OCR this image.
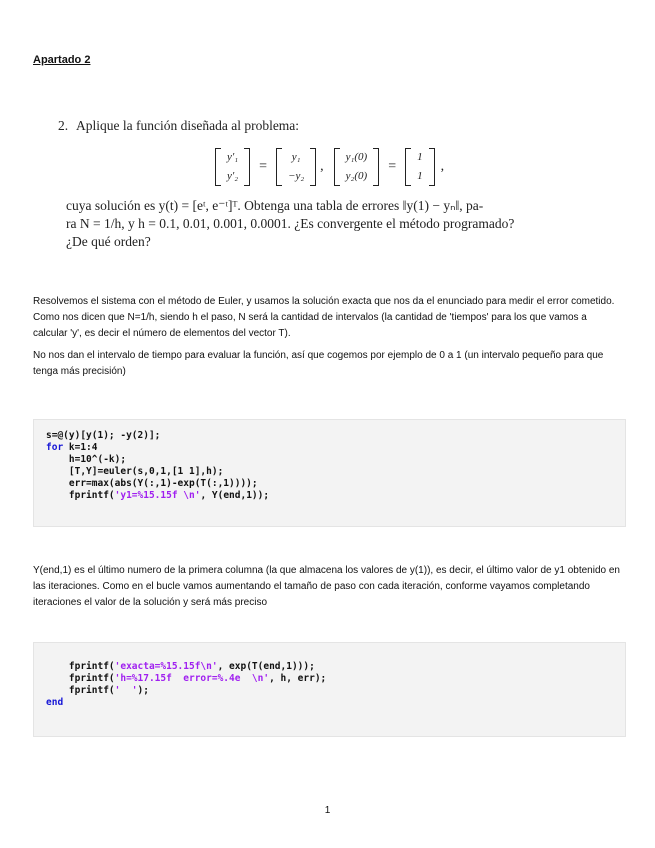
Apartado 2
2. Aplique la función diseñada al problema:
y′₁
y′₂
=
y₁
−y₂
,
y₁(0)
y₂(0)
=
1
1
,
cuya solución es y(t) = [eᵗ, e⁻ᵗ]ᵀ. Obtenga una tabla de errores ‖y(1) − yₙ‖, pa-
ra N = 1/h, y h = 0.1, 0.01, 0.001, 0.0001. ¿Es convergente el método programado?
¿De qué orden?

Resolvemos el sistema con el método de Euler, y usamos la solución exacta que nos da el enunciado para medir el error cometido. Como nos dicen que N=1/h, siendo h el paso, N será la cantidad de intervalos (la cantidad de 'tiempos' para los que vamos a calcular 'y', es decir el número de elementos del vector T).

No nos dan el intervalo de tiempo para evaluar la función, así que cogemos por ejemplo de 0 a 1 (un intervalo pequeño para que tenga más precisión)

s=@(y)[y(1); -y(2)];
for k=1:4
h=10^(-k);
[T,Y]=euler(s,0,1,[1 1],h);
err=max(abs(Y(:,1)-exp(T(:,1))));
fprintf('y1=%15.15f \n', Y(end,1));

Y(end,1) es el último numero de la primera columna (la que almacena los valores de y(1)), es decir, el último valor de y1 obtenido en las iteraciones. Como en el bucle vamos aumentando el tamaño de paso con cada iteración, conforme vayamos completando iteraciones el valor de la solución y será más preciso

fprintf('exacta=%15.15f\n', exp(T(end,1)));
fprintf('h=%17.15f  error=%.4e  \n', h, err);
fprintf('  ');
end
1
